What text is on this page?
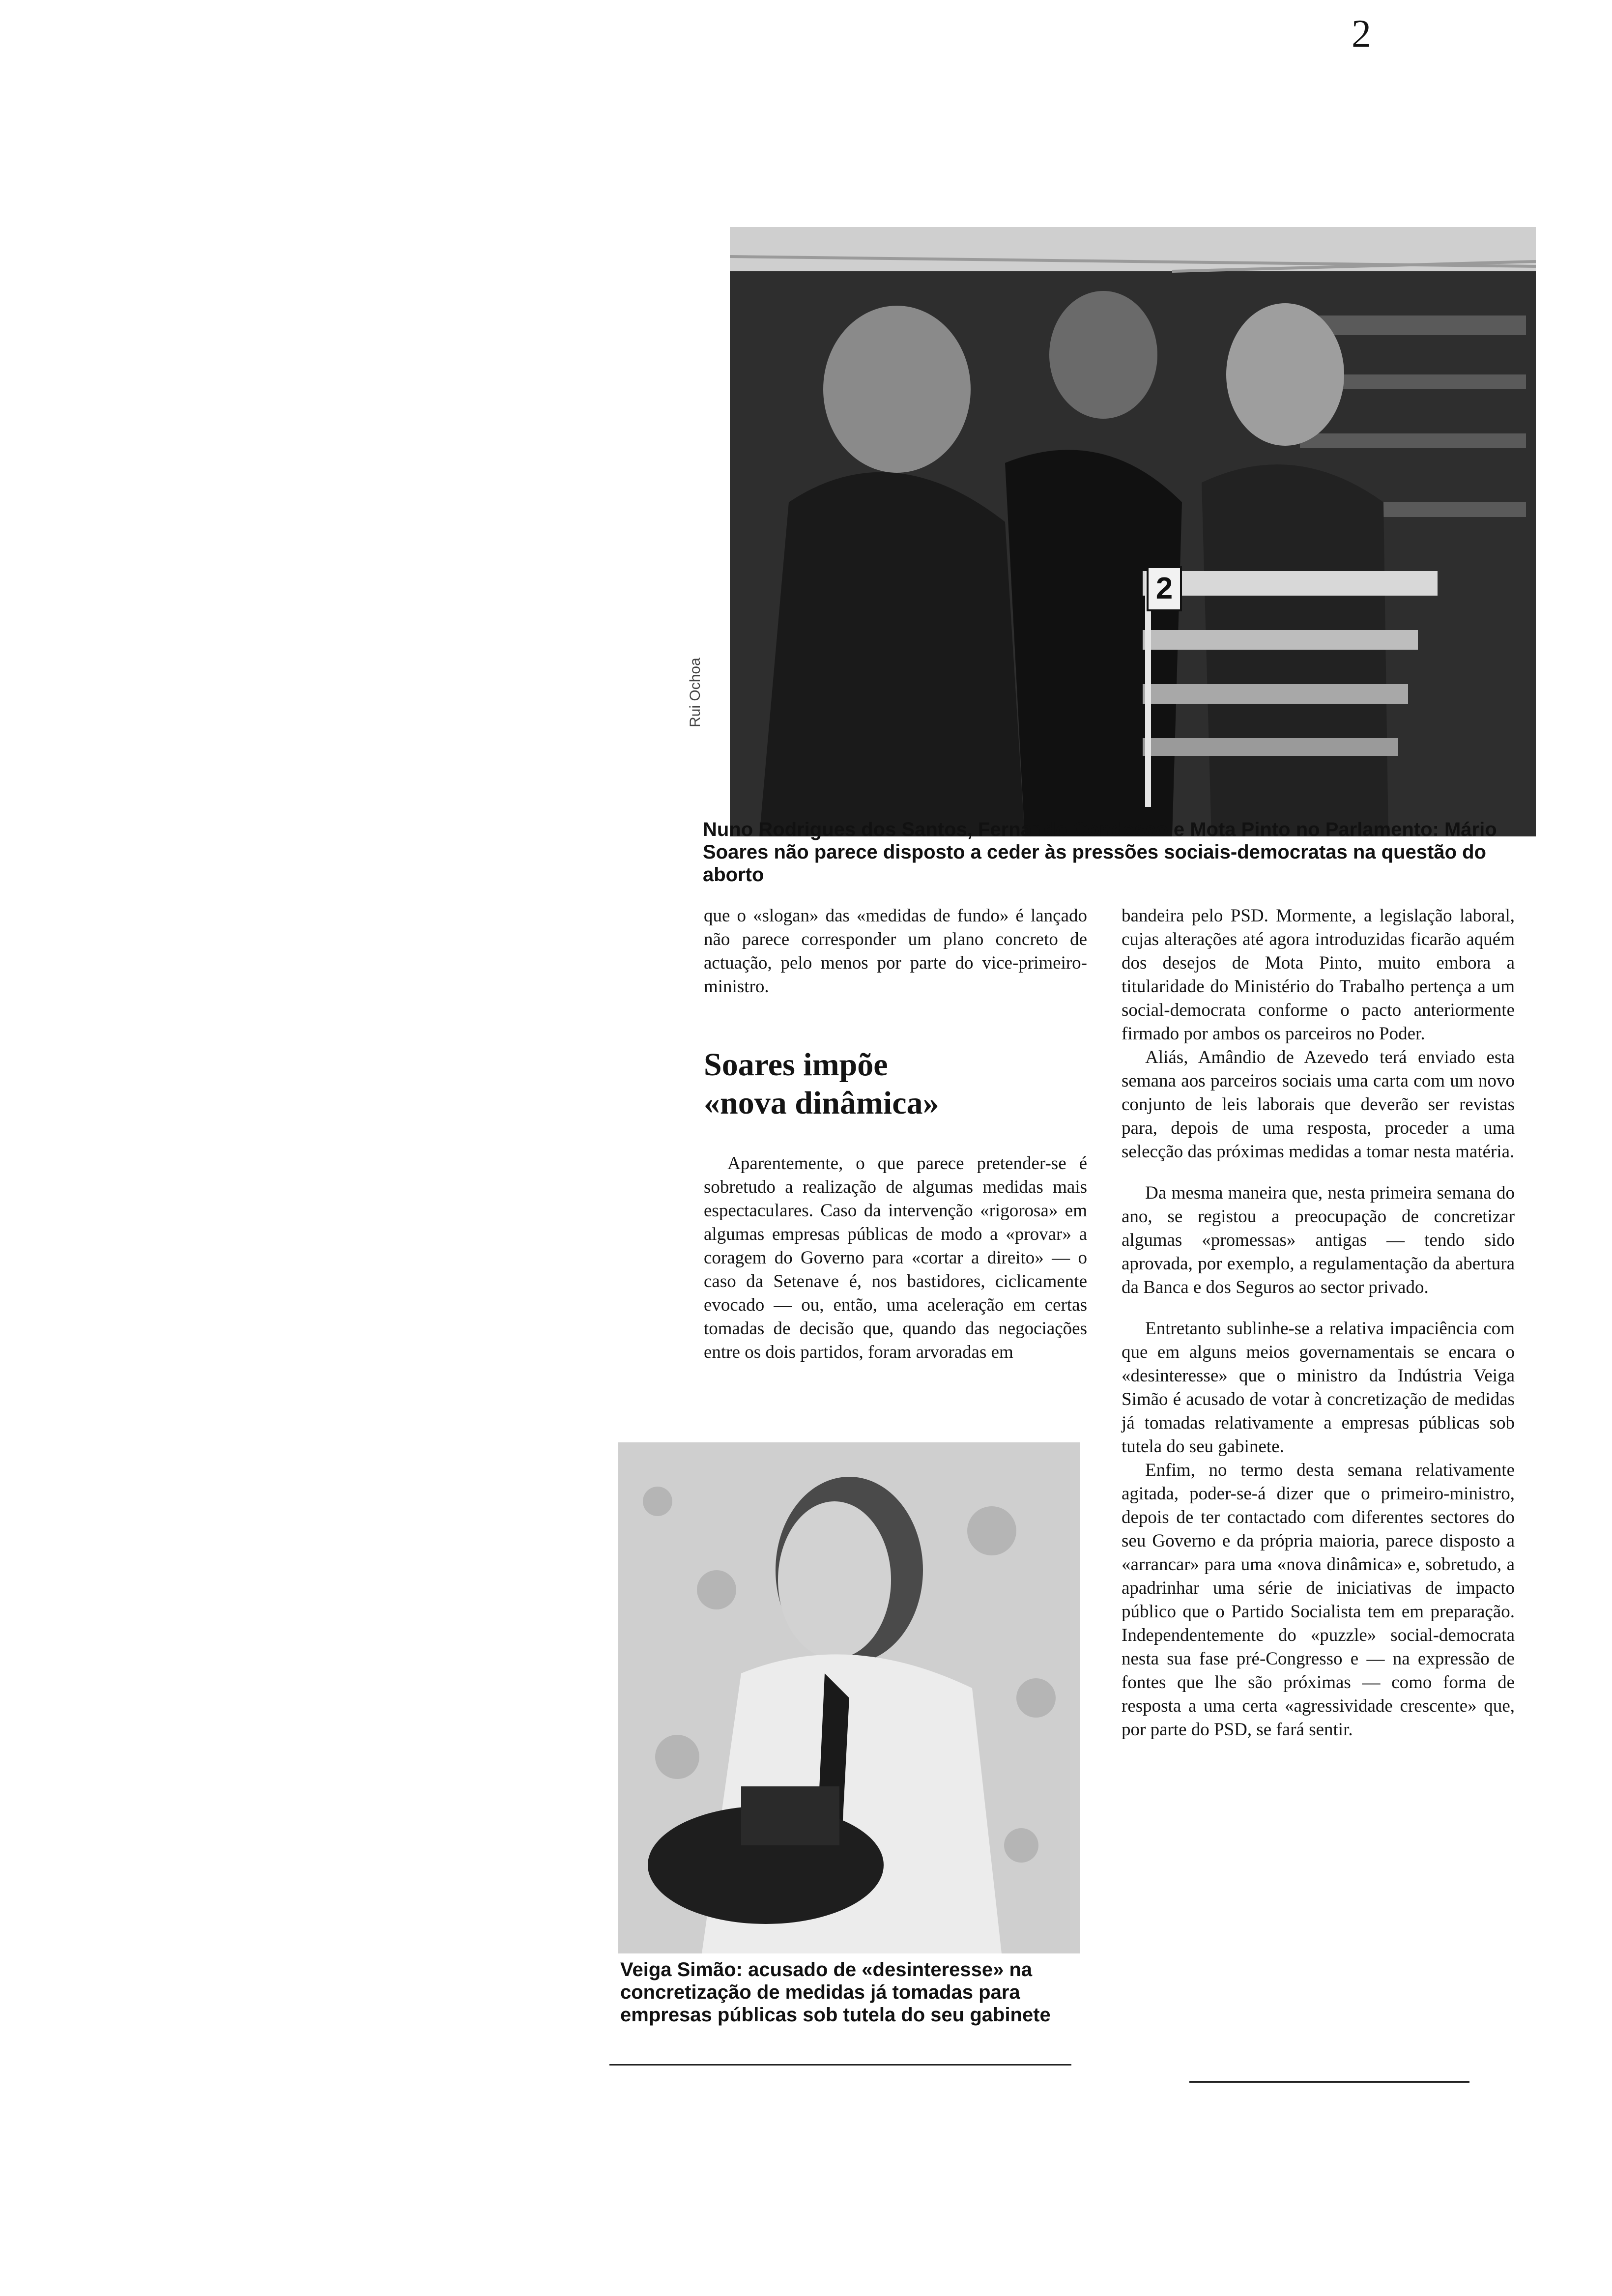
2
2
Rui Ochoa
Nuno Rodrigues dos Santos, Fernando Condesso e Mota Pinto no Parlamento: Mário Soares não parece disposto a ceder às pressões sociais-democratas na questão do aborto

que o «slogan» das «medidas de fundo» é lançado não parece corresponder um plano concreto de actuação, pelo menos por parte do vice-primeiro-ministro.

Soares impõe
«nova dinâmica»

Aparentemente, o que parece pretender-se é sobretudo a realização de algumas medidas mais espectaculares. Caso da intervenção «rigorosa» em algumas empresas públicas de modo a «provar» a coragem do Governo para «cortar a direito» — o caso da Setenave é, nos bastidores, ciclicamente evocado — ou, então, uma aceleração em certas tomadas de decisão que, quando das negociações entre os dois partidos, foram arvoradas em

Veiga Simão: acusado de «desinteresse» na concretização de medidas já tomadas para empresas públicas sob tutela do seu gabinete

bandeira pelo PSD. Mormente, a legislação laboral, cujas alterações até agora introduzidas ficarão aquém dos desejos de Mota Pinto, muito embora a titularidade do Ministério do Trabalho pertença a um social-democrata conforme o pacto anteriormente firmado por ambos os parceiros no Poder.

Aliás, Amândio de Azevedo terá enviado esta semana aos parceiros sociais uma carta com um novo conjunto de leis laborais que deverão ser revistas para, depois de uma resposta, proceder a uma selecção das próximas medidas a tomar nesta matéria.

Da mesma maneira que, nesta primeira semana do ano, se registou a preocupação de concretizar algumas «promessas» antigas — tendo sido aprovada, por exemplo, a regulamentação da abertura da Banca e dos Seguros ao sector privado.

Entretanto sublinhe-se a relativa impaciência com que em alguns meios governamentais se encara o «desinteresse» que o ministro da Indústria Veiga Simão é acusado de votar à concretização de medidas já tomadas relativamente a empresas públicas sob tutela do seu gabinete.

Enfim, no termo desta semana relativamente agitada, poder-se-á dizer que o primeiro-ministro, depois de ter contactado com diferentes sectores do seu Governo e da própria maioria, parece disposto a «arrancar» para uma «nova dinâmica» e, sobretudo, a apadrinhar uma série de iniciativas de impacto público que o Partido Socialista tem em preparação. Independentemente do «puzzle» social-democrata nesta sua fase pré-Congresso e — na expressão de fontes que lhe são próximas — como forma de resposta a uma certa «agressividade crescente» que, por parte do PSD, se fará sentir.
